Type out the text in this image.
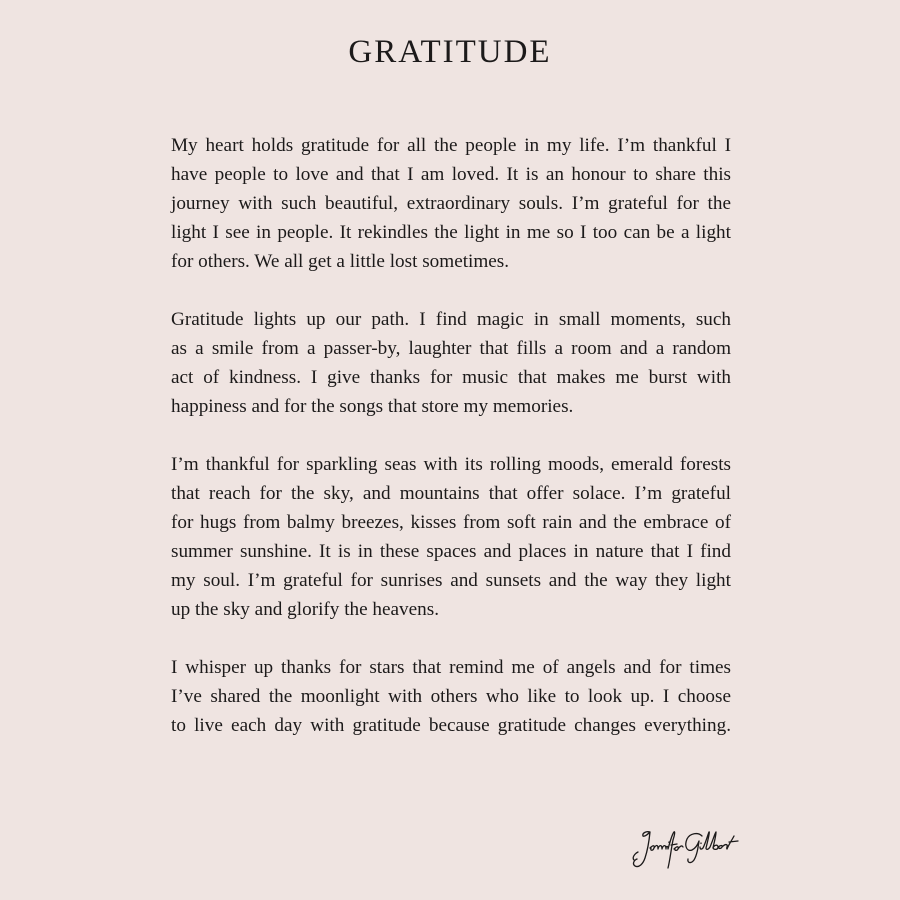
GRATITUDE

My heart holds gratitude for all the people in my life. I’m thankful I
have people to love and that I am loved. It is an honour to share this
journey with such beautiful, extraordinary souls. I’m grateful for the
light I see in people. It rekindles the light in me so I too can be a light
for others. We all get a little lost sometimes.

Gratitude lights up our path. I find magic in small moments, such
as a smile from a passer-by, laughter that fills a room and a random
act of kindness. I give thanks for music that makes me burst with
happiness and for the songs that store my memories.

I’m thankful for sparkling seas with its rolling moods, emerald forests
that reach for the sky, and mountains that offer solace. I’m grateful
for hugs from balmy breezes, kisses from soft rain and the embrace of
summer sunshine. It is in these spaces and places in nature that I find
my soul. I’m grateful for sunrises and sunsets and the way they light
up the sky and glorify the heavens.

I whisper up thanks for stars that remind me of angels and for times
I’ve shared the moonlight with others who like to look up. I choose
to live each day with gratitude because gratitude changes everything.
